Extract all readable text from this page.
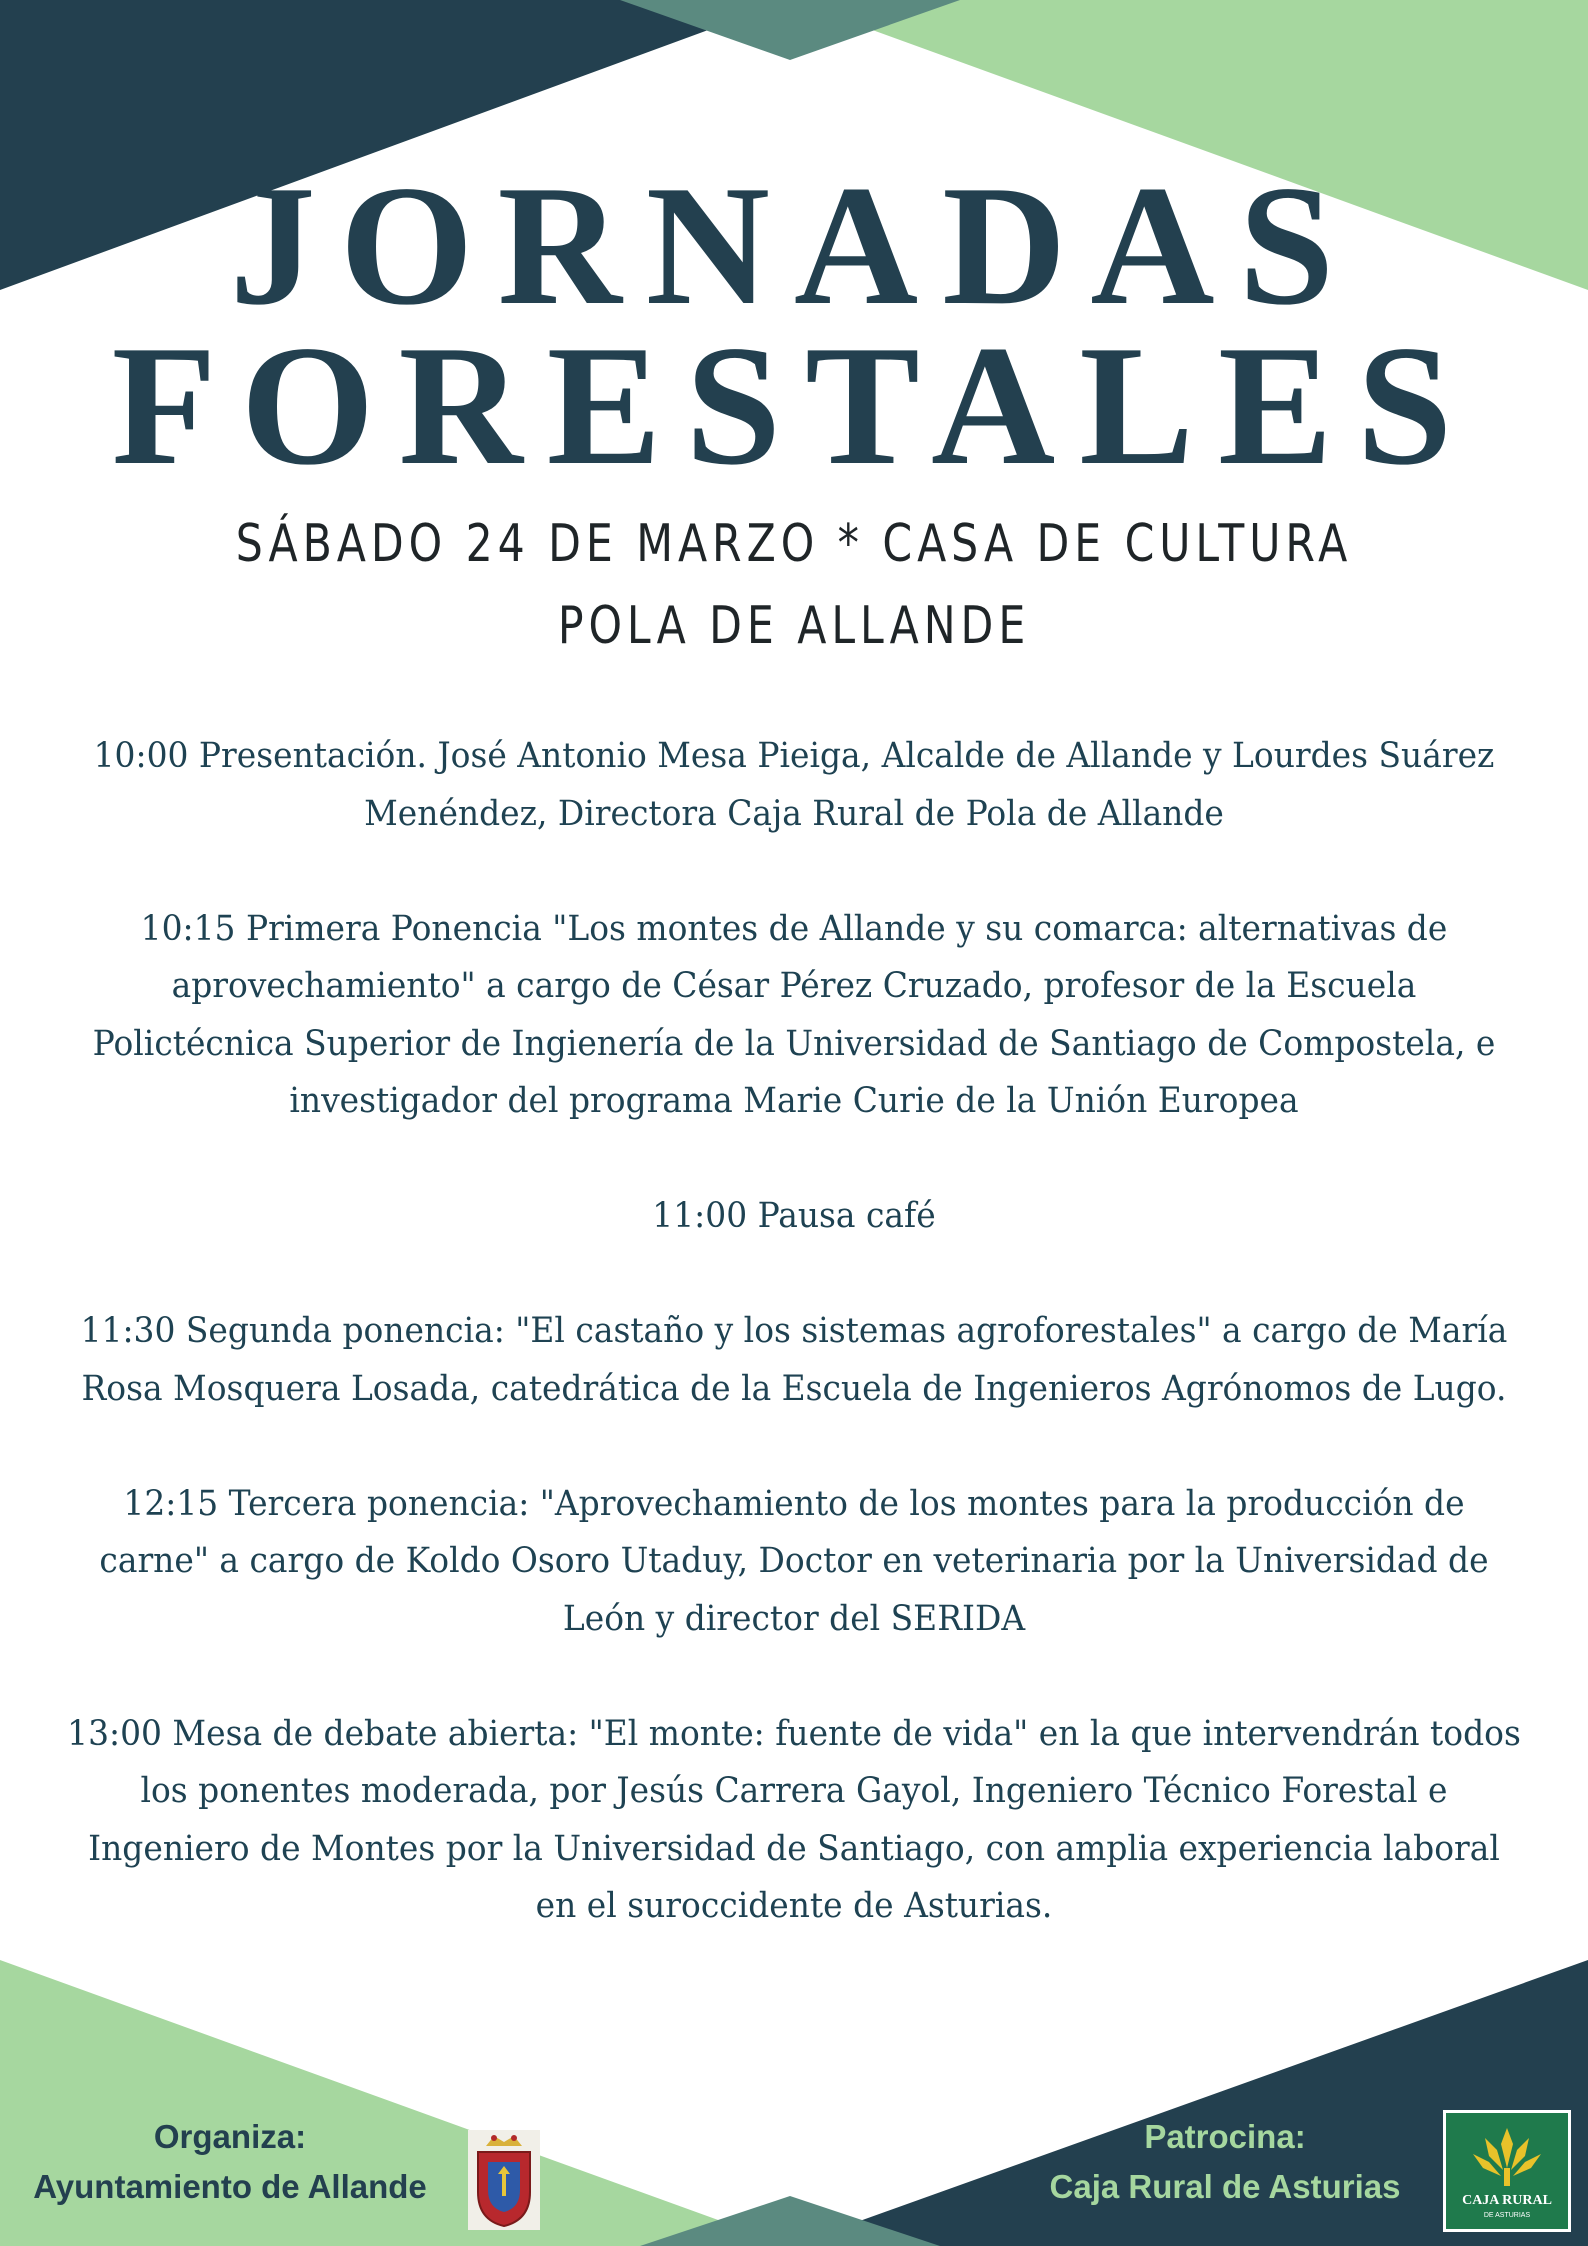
JORNADAS
FORESTALES

SÁBADO 24 DE MARZO * CASA DE CULTURA

POLA DE ALLANDE

10:00 Presentación. José Antonio Mesa Pieiga, Alcalde de Allande y Lourdes Suárez Menéndez, Directora Caja Rural de Pola de Allande
10:15 Primera Ponencia "Los montes de Allande y su comarca: alternativas de aprovechamiento" a cargo de César Pérez Cruzado, profesor de la Escuela Polictécnica Superior de Ingienería de la Universidad de Santiago de Compostela, e investigador del programa Marie Curie de la Unión Europea
11:00 Pausa café
11:30 Segunda ponencia: "El castaño y los sistemas agroforestales" a cargo de María Rosa Mosquera Losada, catedrática de la Escuela de Ingenieros Agrónomos de Lugo.
12:15 Tercera ponencia: "Aprovechamiento de los montes para la producción de carne" a cargo de Koldo Osoro Utaduy, Doctor en veterinaria por la Universidad de León y director del SERIDA
13:00 Mesa de debate abierta: "El monte: fuente de vida" en la que intervendrán todos los ponentes moderada, por Jesús Carrera Gayol, Ingeniero Técnico Forestal e Ingeniero de Montes por la Universidad de Santiago, con amplia experiencia laboral en el suroccidente de Asturias.
Organiza:
Ayuntamiento de Allande
Patrocina:
Caja Rural de Asturias	CAJA RURAL
DE ASTURIAS
